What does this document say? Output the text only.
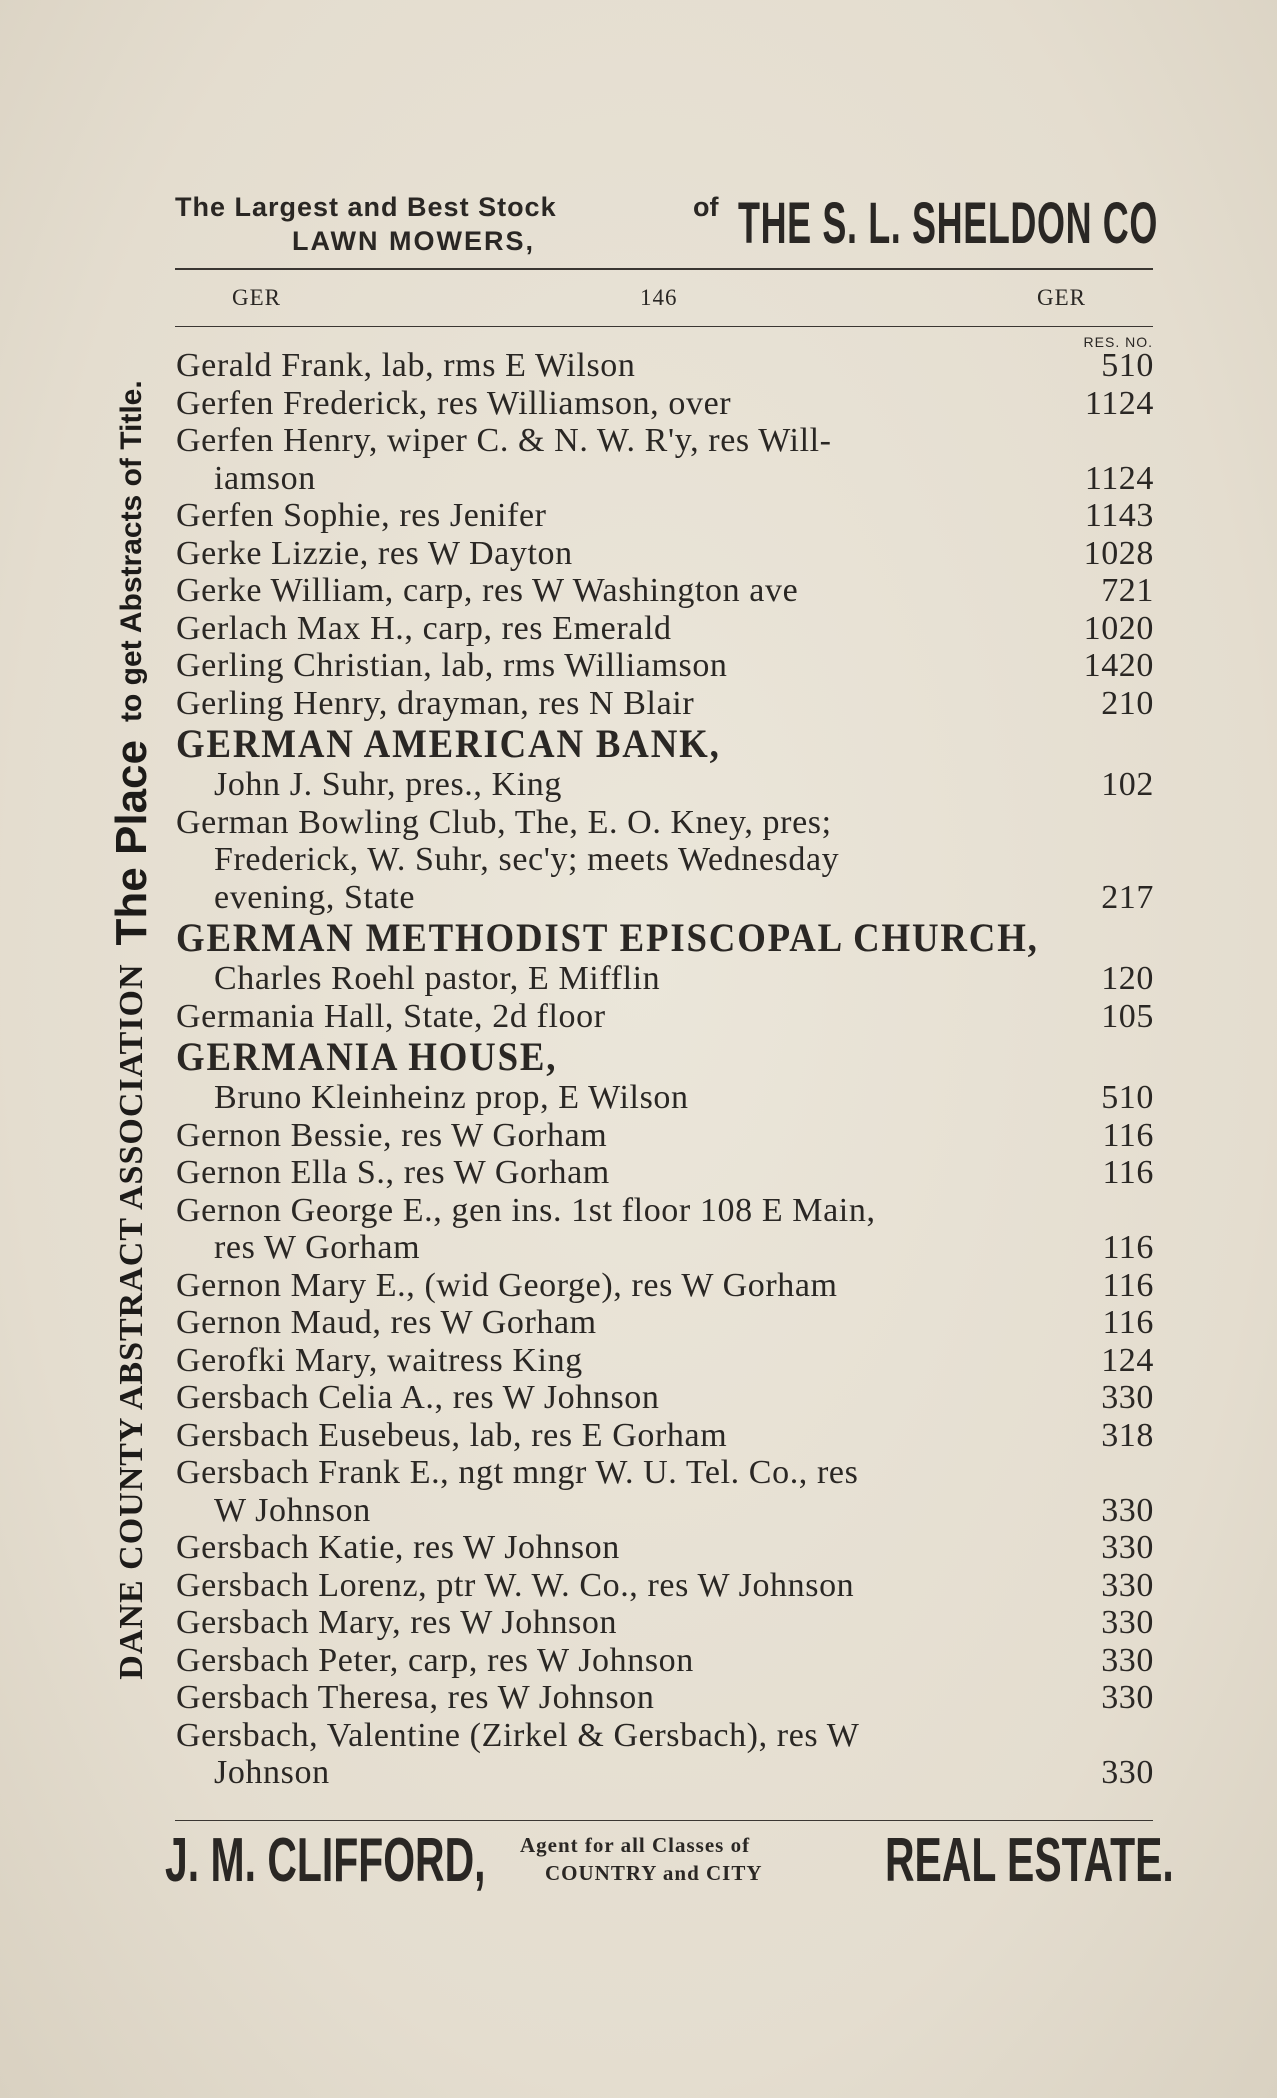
DANE COUNTY ABSTRACT ASSOCIATION
The Place
to get Abstracts of Title.
The Largest and Best Stock
LAWN MOWERS,
of THE S. L. SHELDON CO
GER	146	GER
RES. NO.
Gerald Frank, lab, rms E Wilson	510
Gerfen Frederick, res Williamson, over	1124
Gerfen Henry, wiper C. & N. W. R'y, res Will-
iamson	1124
Gerfen Sophie, res Jenifer	1143
Gerke Lizzie, res W Dayton	1028
Gerke William, carp, res W Washington ave	721
Gerlach Max H., carp, res Emerald	1020
Gerling Christian, lab, rms Williamson	1420
Gerling Henry, drayman, res N Blair	210
GERMAN AMERICAN BANK,
John J. Suhr, pres., King	102
German Bowling Club, The, E. O. Kney, pres;
Frederick, W. Suhr, sec'y; meets Wednesday
evening, State	217
GERMAN METHODIST EPISCOPAL CHURCH,
Charles Roehl pastor, E Mifflin	120
Germania Hall, State, 2d floor	105
GERMANIA HOUSE,
Bruno Kleinheinz prop, E Wilson	510
Gernon Bessie, res W Gorham	116
Gernon Ella S., res W Gorham	116
Gernon George E., gen ins. 1st floor 108 E Main,
res W Gorham	116
Gernon Mary E., (wid George), res W Gorham	116
Gernon Maud, res W Gorham	116
Gerofki Mary, waitress King	124
Gersbach Celia A., res W Johnson	330
Gersbach Eusebeus, lab, res E Gorham	318
Gersbach Frank E., ngt mngr W. U. Tel. Co., res
W Johnson	330
Gersbach Katie, res W Johnson	330
Gersbach Lorenz, ptr W. W. Co., res W Johnson	330
Gersbach Mary, res W Johnson	330
Gersbach Peter, carp, res W Johnson	330
Gersbach Theresa, res W Johnson	330
Gersbach, Valentine (Zirkel & Gersbach), res W
Johnson	330
J. M. CLIFFORD, Agent for all Classes of
COUNTRY and CITY REAL ESTATE.
